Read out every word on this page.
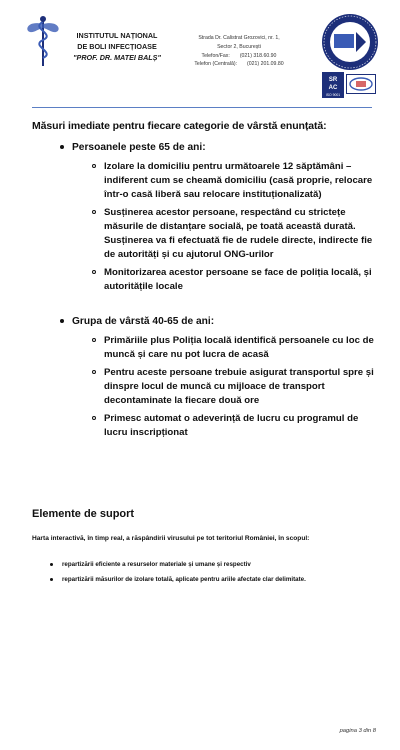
INSTITUTUL NAȚIONAL
DE BOLI INFECȚIOASE
"PROF. DR. MATEI BALȘ"
Strada Dr. Calistrat Grozovici, nr. 1,
Sector 2, București
Telefon/Fax: (021) 318.60.90
Telefon (Centrală): (021) 201.09.80
SR
AC
ISO 9001
Măsuri imediate pentru fiecare categorie de vârstă enunțată:
Persoanele peste 65 de ani:
Izolare la domiciliu pentru următoarele 12 săptămâni – indiferent cum se cheamă domiciliu (casă proprie, relocare într-o casă liberă sau relocare instituționalizată)
Susținerea acestor persoane, respectând cu strictețe măsurile de distanțare socială, pe toată această durată. Susținerea va fi efectuată fie de rudele directe, indirecte fie de autorități și cu ajutorul ONG-urilor
Monitorizarea acestor persoane se face de poliția locală, și autoritățile locale
Grupa de vârstă 40-65 de ani:
Primăriile plus Poliția locală identifică persoanele cu loc de muncă și care nu pot lucra de acasă
Pentru aceste persoane trebuie asigurat transportul spre și dinspre locul de muncă cu mijloace de transport decontaminate la fiecare două ore
Primesc automat o adeverință de lucru cu programul de lucru inscripționat
Elemente de suport
Harta interactivă, în timp real, a răspândirii virusului pe tot teritoriul României, în scopul:
repartizării eficiente a resurselor materiale și umane și respectiv
repartizării măsurilor de izolare totală, aplicate pentru ariile afectate clar delimitate.
pagina 3 din 8
